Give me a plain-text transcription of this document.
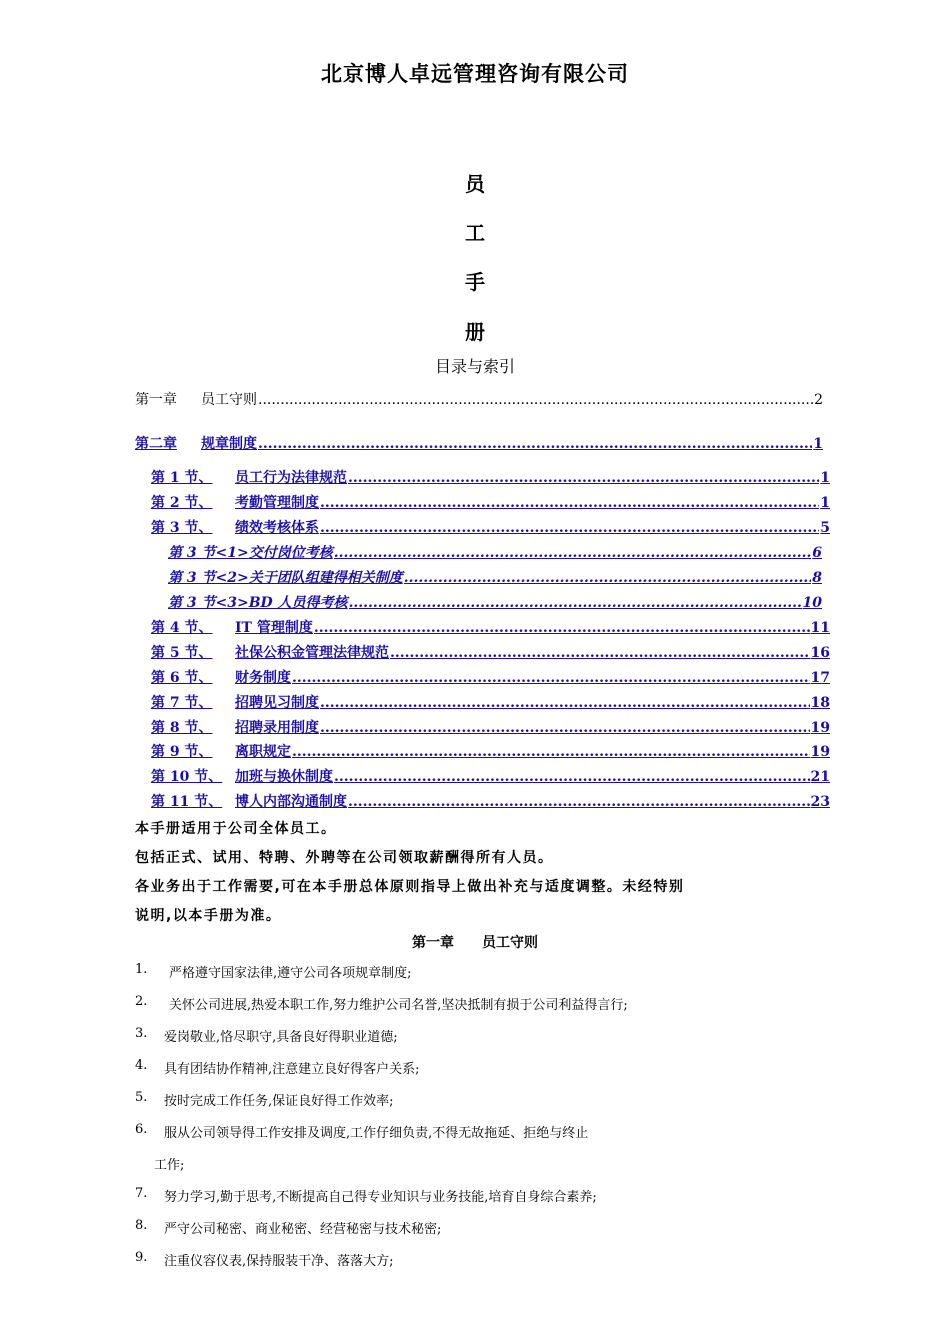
北京博人卓远管理咨询有限公司
员
工
手
册
目录与索引
第一章	员工守则 .....	2
第二章	规章制度 .....	1
第 1 节、	员工行为法律规范 .....	1
第 2 节、	考勤管理制度 .....	1
第 3 节、	绩效考核体系 .....	5
第 3 节<1> 交付岗位考核 .....	6
第 3 节<2> 关于团队组建得相关制度 .....	8
第 3 节<3> BD 人员得考核 .....	10
第 4 节、	IT 管理制度 .....	11
第 5 节、	社保公积金管理法律规范 .....	16
第 6 节、	财务制度 .....	17
第 7 节、	招聘见习制度 .....	18
第 8 节、	招聘录用制度 .....	19
第 9 节、	离职规定 .....	19
第 10 节、 加班与换休制度 .....	21
第 11 节、 博人内部沟通制度 .....	23
本手册适用于公司全体员工。
包括正式、试用、特聘、外聘等在公司领取薪酬得所有人员。
各业务出于工作需要,可在本手册总体原则指导上做出补充与适度调整。未经特别
说明,以本手册为准。
第一章　　员工守则
1. 严格遵守国家法律,遵守公司各项规章制度;
2. 关怀公司进展,热爱本职工作,努力维护公司名誉,坚决抵制有损于公司利益得言行;
3. 爱岗敬业,恪尽职守,具备良好得职业道德;
4. 具有团结协作精神,注意建立良好得客户关系;
5. 按时完成工作任务,保证良好得工作效率;
6. 服从公司领导得工作安排及调度,工作仔细负责,不得无故拖延、拒绝与终止
工作;
7. 努力学习,勤于思考,不断提高自己得专业知识与业务技能,培育自身综合素养;
8. 严守公司秘密、商业秘密、经营秘密与技术秘密;
9. 注重仪容仪表,保持服装干净、落落大方;
